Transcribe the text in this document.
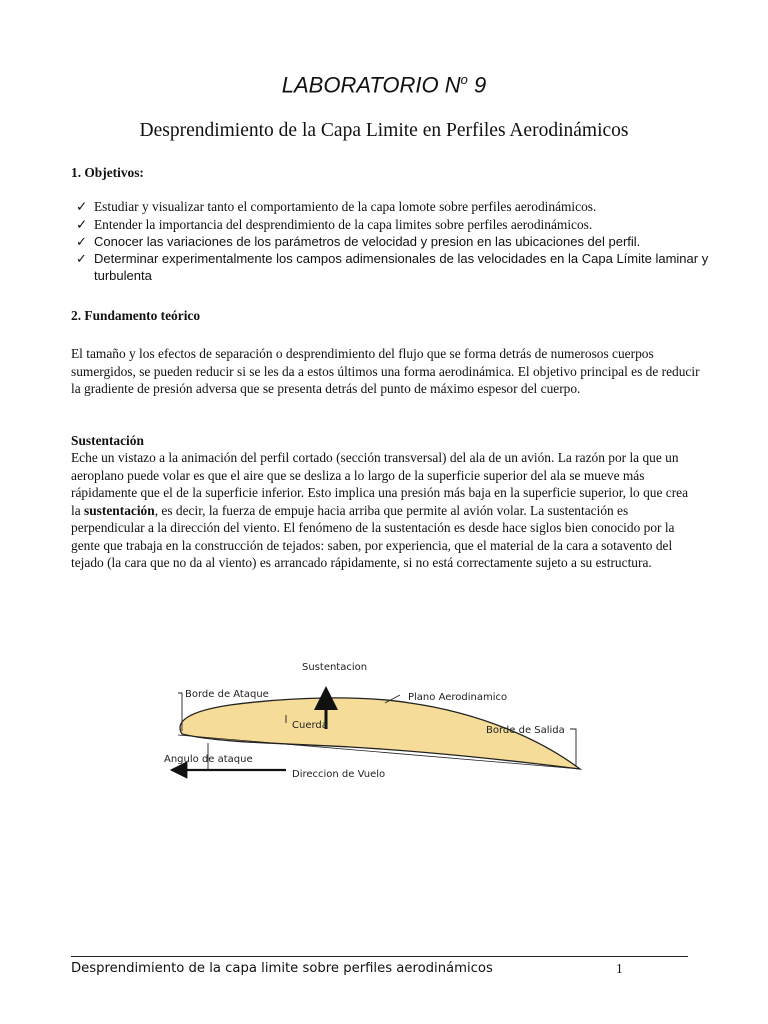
LABORATORIO $N^o$ 9
Desprendimiento de la Capa Limite en Perfiles Aerodinámicos
1. Objetivos:
✓ Estudiar y visualizar tanto el comportamiento de la capa lomote sobre perfiles aerodinámicos.
✓ Entender la importancia del desprendimiento de la capa limites sobre perfiles aerodinámicos.
✓ Conocer las variaciones de los parámetros de velocidad y presion en las ubicaciones del perfil.
✓ Determinar experimentalmente los campos adimensionales de las velocidades en la Capa Límite laminar y turbulenta
2. Fundamento teórico

El tamaño y los efectos de separación o desprendimiento del flujo que se forma detrás de numerosos cuerpos sumergidos, se pueden reducir si se les da a estos últimos una forma aerodinámica. El objetivo principal es de reducir la gradiente de presión adversa que se presenta detrás del punto de máximo espesor del cuerpo.

Sustentación

Eche un vistazo a la animación del perfil cortado (sección transversal) del ala de un avión. La razón por la que un aeroplano puede volar es que el aire que se desliza a lo largo de la superficie superior del ala se mueve más rápidamente que el de la superficie inferior. Esto implica una presión más baja en la superficie superior, lo que crea la sustentación, es decir, la fuerza de empuje hacia arriba que permite al avión volar. La sustentación es perpendicular a la dirección del viento. El fenómeno de la sustentación es desde hace siglos bien conocido por la gente que trabaja en la construcción de tejados: saben, por experiencia, que el material de la cara a sotavento del tejado (la cara que no da al viento) es arrancado rápidamente, si no está correctamente sujeto a su estructura.

Sustentacion
Borde de Ataque	Plano Aerodinamico
Cuerda	Borde de Salida
Angulo de ataque
Direccion de Vuelo
Desprendimiento de la capa limite sobre perfiles aerodinámicos	1
